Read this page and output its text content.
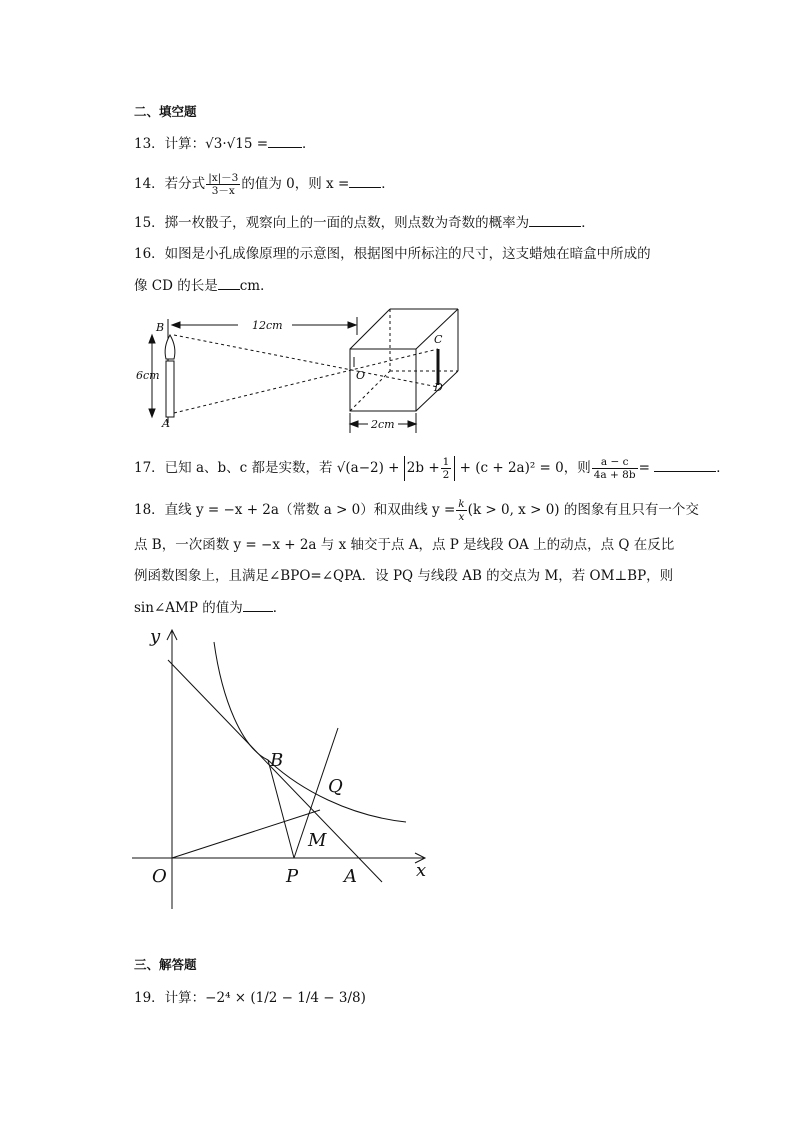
二、填空题
13．计算：√3·√15 =	．
14．若分式 $\frac{|x|-3}{3-x}$ 的值为 0，则 x = ．
15．掷一枚骰子，观察向上的一面的点数，则点数为奇数的概率为	．
16．如图是小孔成像原理的示意图，根据图中所标注的尺寸，这支蜡烛在暗盒中所成的
像 CD 的长是 cm．
B
A
6cm
12cm
O
C
D
2cm
17．已知 a、b、c 都是实数，若 $√(a-2) + 2b + \frac{1}{2} + (c + 2a)^2 = 0$，则 $\frac{a - c}{4a + 8b}$ =	．
18．直线 y = −x + 2a（常数 a > 0）和双曲线 $y = \frac{k}{x} (k > 0$, x > 0) 的图象有且只有一个交
点 B，一次函数 y = −x + 2a 与 x 轴交于点 A，点 P 是线段 OA 上的动点，点 Q 在反比
例函数图象上，且满足∠BPO=∠QPA．设 PQ 与线段 AB 的交点为 M，若 OM⊥BP，则
sin∠AMP 的值为 ．
y
x
O	P	A
B
Q
M
三、解答题
19．计算：−2⁴ × (1/2 − 1/4 − 3/8)
